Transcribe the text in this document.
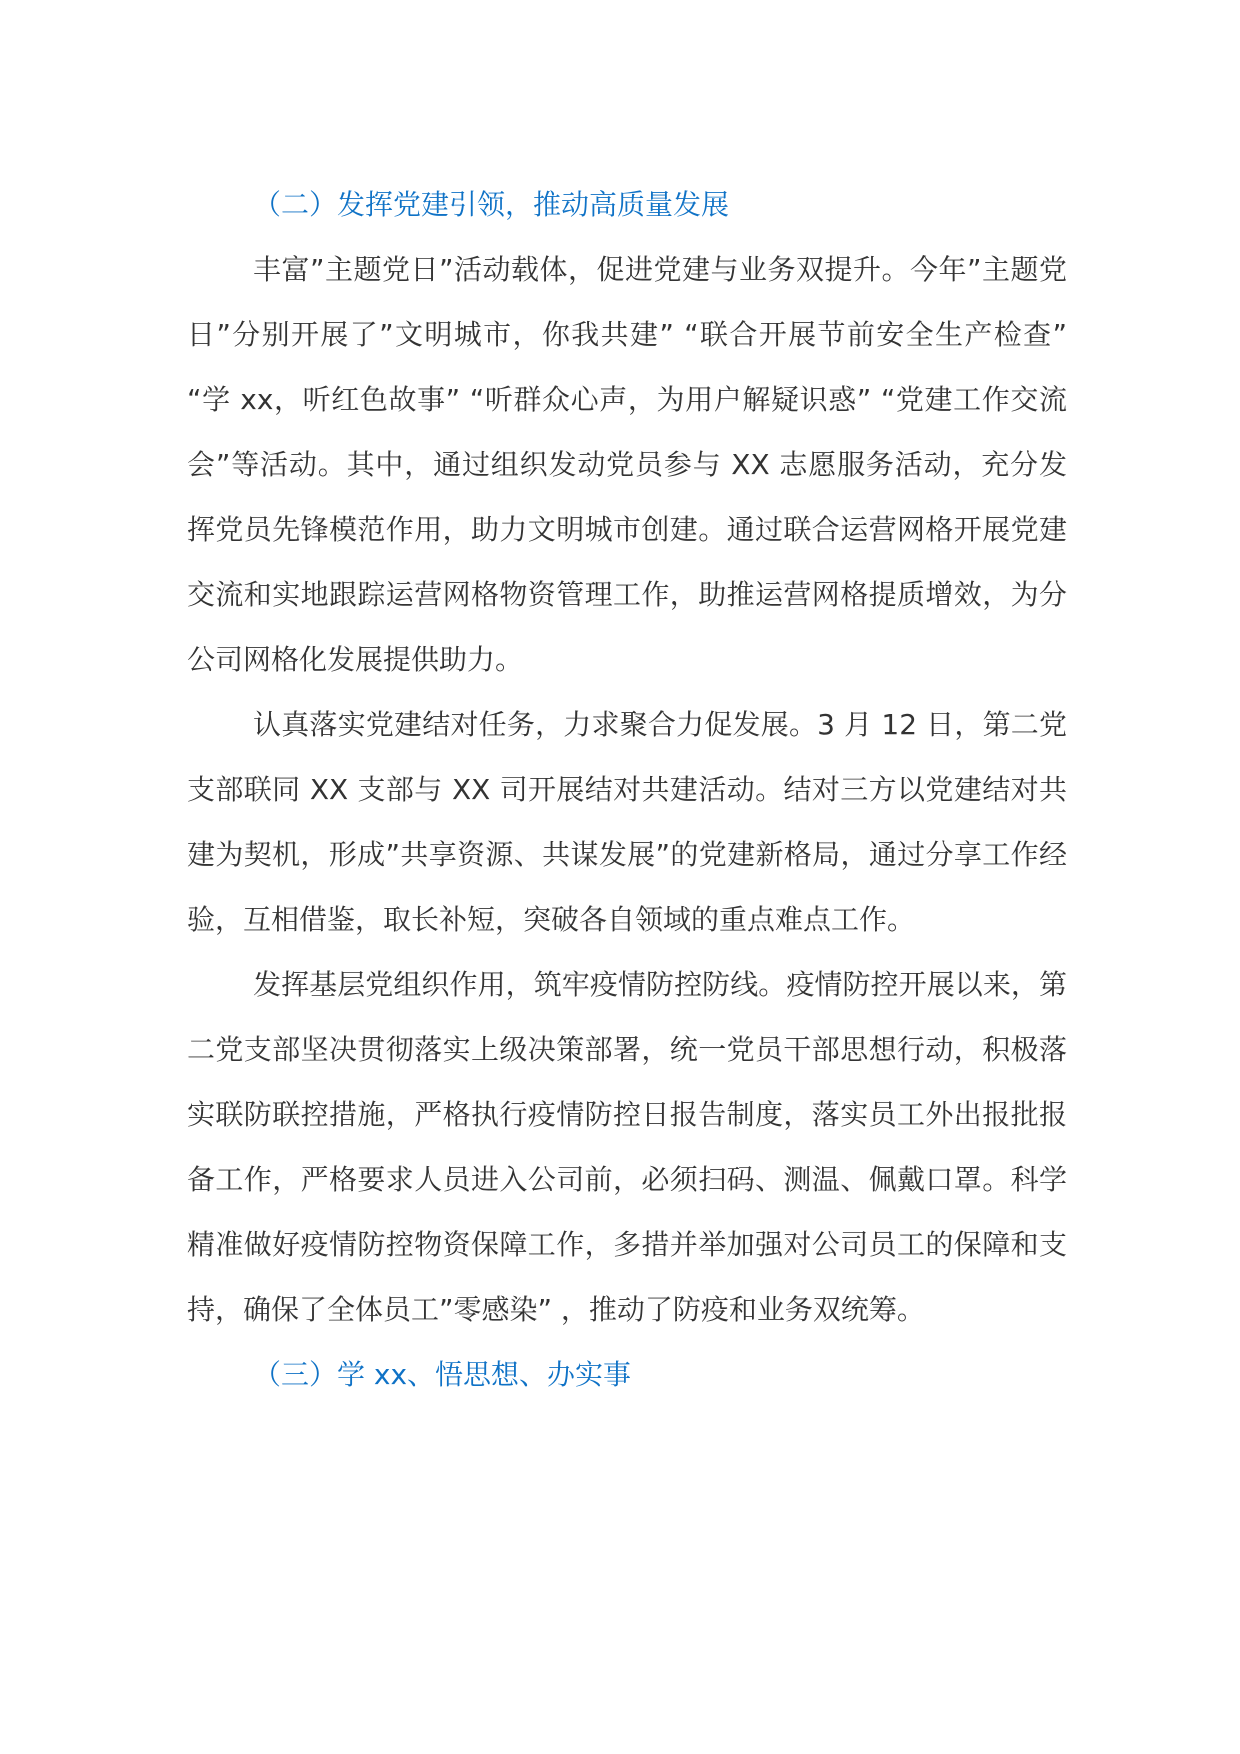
（二）发挥党建引领，推动高质量发展

丰富”主题党日”活动载体，促进党建与业务双提升。今年”主题党日”分别开展了”文明城市，你我共建” “联合开展节前安全生产检查” “学 xx，听红色故事” “听群众心声，为用户解疑识惑” “党建工作交流会”等活动。其中，通过组织发动党员参与 XX 志愿服务活动，充分发挥党员先锋模范作用，助力文明城市创建。通过联合运营网格开展党建交流和实地跟踪运营网格物资管理工作，助推运营网格提质增效，为分公司网格化发展提供助力。

认真落实党建结对任务，力求聚合力促发展。3 月 12 日，第二党支部联同 XX 支部与 XX 司开展结对共建活动。结对三方以党建结对共建为契机，形成”共享资源、共谋发展”的党建新格局，通过分享工作经验，互相借鉴，取长补短，突破各自领域的重点难点工作。

发挥基层党组织作用，筑牢疫情防控防线。疫情防控开展以来，第二党支部坚决贯彻落实上级决策部署，统一党员干部思想行动，积极落实联防联控措施，严格执行疫情防控日报告制度，落实员工外出报批报备工作，严格要求人员进入公司前，必须扫码、测温、佩戴口罩。科学精准做好疫情防控物资保障工作，多措并举加强对公司员工的保障和支持，确保了全体员工”零感染” ，推动了防疫和业务双统筹。

（三）学 xx、悟思想、办实事
